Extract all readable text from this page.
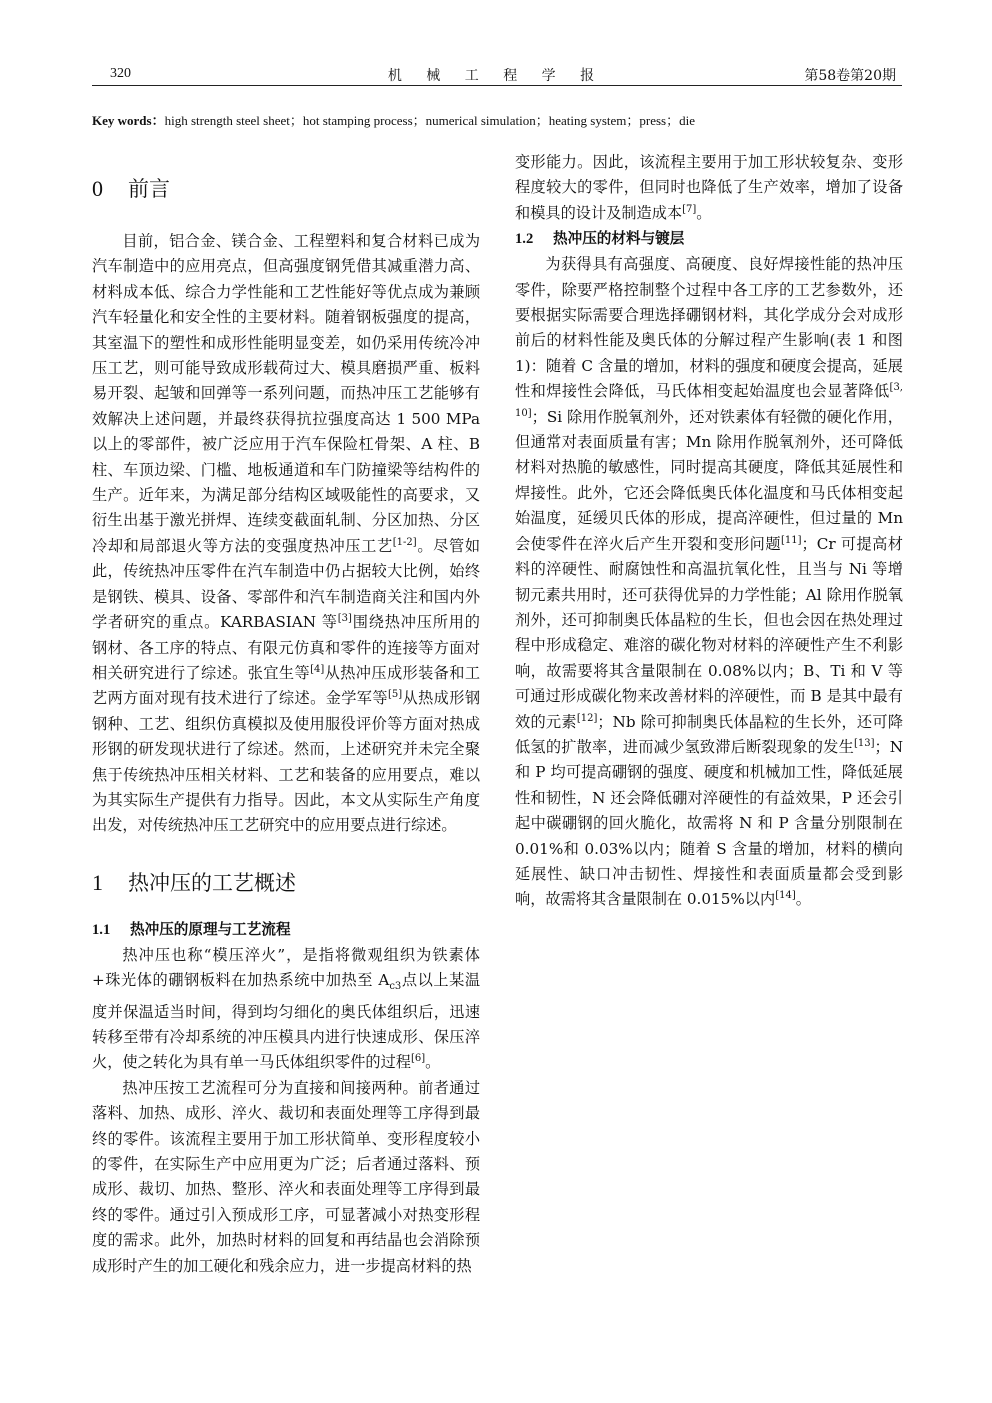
320	机 械 工 程 学 报	第58卷第20期
Key words：high strength steel sheet；hot stamping process；numerical simulation；heating system；press；die
0 前言

目前，铝合金、镁合金、工程塑料和复合材料已成为汽车制造中的应用亮点，但高强度钢凭借其减重潜力高、材料成本低、综合力学性能和工艺性能好等优点成为兼顾汽车轻量化和安全性的主要材料。随着钢板强度的提高，其室温下的塑性和成形性能明显变差，如仍采用传统冷冲压工艺，则可能导致成形载荷过大、模具磨损严重、板料易开裂、起皱和回弹等一系列问题，而热冲压工艺能够有效解决上述问题，并最终获得抗拉强度高达 1 500 MPa 以上的零部件，被广泛应用于汽车保险杠骨架、A 柱、B 柱、车顶边梁、门槛、地板通道和车门防撞梁等结构件的生产。近年来，为满足部分结构区域吸能性的高要求，又衍生出基于激光拼焊、连续变截面轧制、分区加热、分区冷却和局部退火等方法的变强度热冲压工艺[1-2]。尽管如此，传统热冲压零件在汽车制造中仍占据较大比例，始终是钢铁、模具、设备、零部件和汽车制造商关注和国内外学者研究的重点。KARBASIAN 等[3]围绕热冲压所用的钢材、各工序的特点、有限元仿真和零件的连接等方面对相关研究进行了综述。张宜生等[4]从热冲压成形装备和工艺两方面对现有技术进行了综述。金学军等[5]从热成形钢钢种、工艺、组织仿真模拟及使用服役评价等方面对热成形钢的研发现状进行了综述。然而，上述研究并未完全聚焦于传统热冲压相关材料、工艺和装备的应用要点，难以为其实际生产提供有力指导。因此，本文从实际生产角度出发，对传统热冲压工艺研究中的应用要点进行综述。

1 热冲压的工艺概述
1.1 热冲压的原理与工艺流程

热冲压也称“模压淬火”，是指将微观组织为铁素体+珠光体的硼钢板料在加热系统中加热至 $A_{c3}$点以上某温度并保温适当时间，得到均匀细化的奥氏体组织后，迅速转移至带有冷却系统的冲压模具内进行快速成形、保压淬火，使之转化为具有单一马氏体组织零件的过程[6]。

热冲压按工艺流程可分为直接和间接两种。前者通过落料、加热、成形、淬火、裁切和表面处理等工序得到最终的零件。该流程主要用于加工形状简单、变形程度较小的零件，在实际生产中应用更为广泛；后者通过落料、预成形、裁切、加热、整形、淬火和表面处理等工序得到最终的零件。通过引入预成形工序，可显著减小对热变形程度的需求。此外，加热时材料的回复和再结晶也会消除预成形时产生的加工硬化和残余应力，进一步提高材料的热

变形能力。因此，该流程主要用于加工形状较复杂、变形程度较大的零件，但同时也降低了生产效率，增加了设备和模具的设计及制造成本[7]。

1.2 热冲压的材料与镀层

为获得具有高强度、高硬度、良好焊接性能的热冲压零件，除要严格控制整个过程中各工序的工艺参数外，还要根据实际需要合理选择硼钢材料，其化学成分会对成形前后的材料性能及奥氏体的分解过程产生影响(表 1 和图 1)：随着 C 含量的增加，材料的强度和硬度会提高，延展性和焊接性会降低，马氏体相变起始温度也会显著降低[3, 10]；Si 除用作脱氧剂外，还对铁素体有轻微的硬化作用，但通常对表面质量有害；Mn 除用作脱氧剂外，还可降低材料对热脆的敏感性，同时提高其硬度，降低其延展性和焊接性。此外，它还会降低奥氏体化温度和马氏体相变起始温度，延缓贝氏体的形成，提高淬硬性，但过量的 Mn 会使零件在淬火后产生开裂和变形问题[11]；Cr 可提高材料的淬硬性、耐腐蚀性和高温抗氧化性，且当与 Ni 等增韧元素共用时，还可获得优异的力学性能；Al 除用作脱氧剂外，还可抑制奥氏体晶粒的生长，但也会因在热处理过程中形成稳定、难溶的碳化物对材料的淬硬性产生不利影响，故需要将其含量限制在 0.08%以内；B、Ti 和 V 等可通过形成碳化物来改善材料的淬硬性，而 B 是其中最有效的元素[12]；Nb 除可抑制奥氏体晶粒的生长外，还可降低氢的扩散率，进而减少氢致滞后断裂现象的发生[13]；N 和 P 均可提高硼钢的强度、硬度和机械加工性，降低延展性和韧性，N 还会降低硼对淬硬性的有益效果，P 还会引起中碳硼钢的回火脆化，故需将 N 和 P 含量分别限制在 0.01%和 0.03%以内；随着 S 含量的增加，材料的横向延展性、缺口冲击韧性、焊接性和表面质量都会受到影响，故需将其含量限制在 0.015%以内[14]。
